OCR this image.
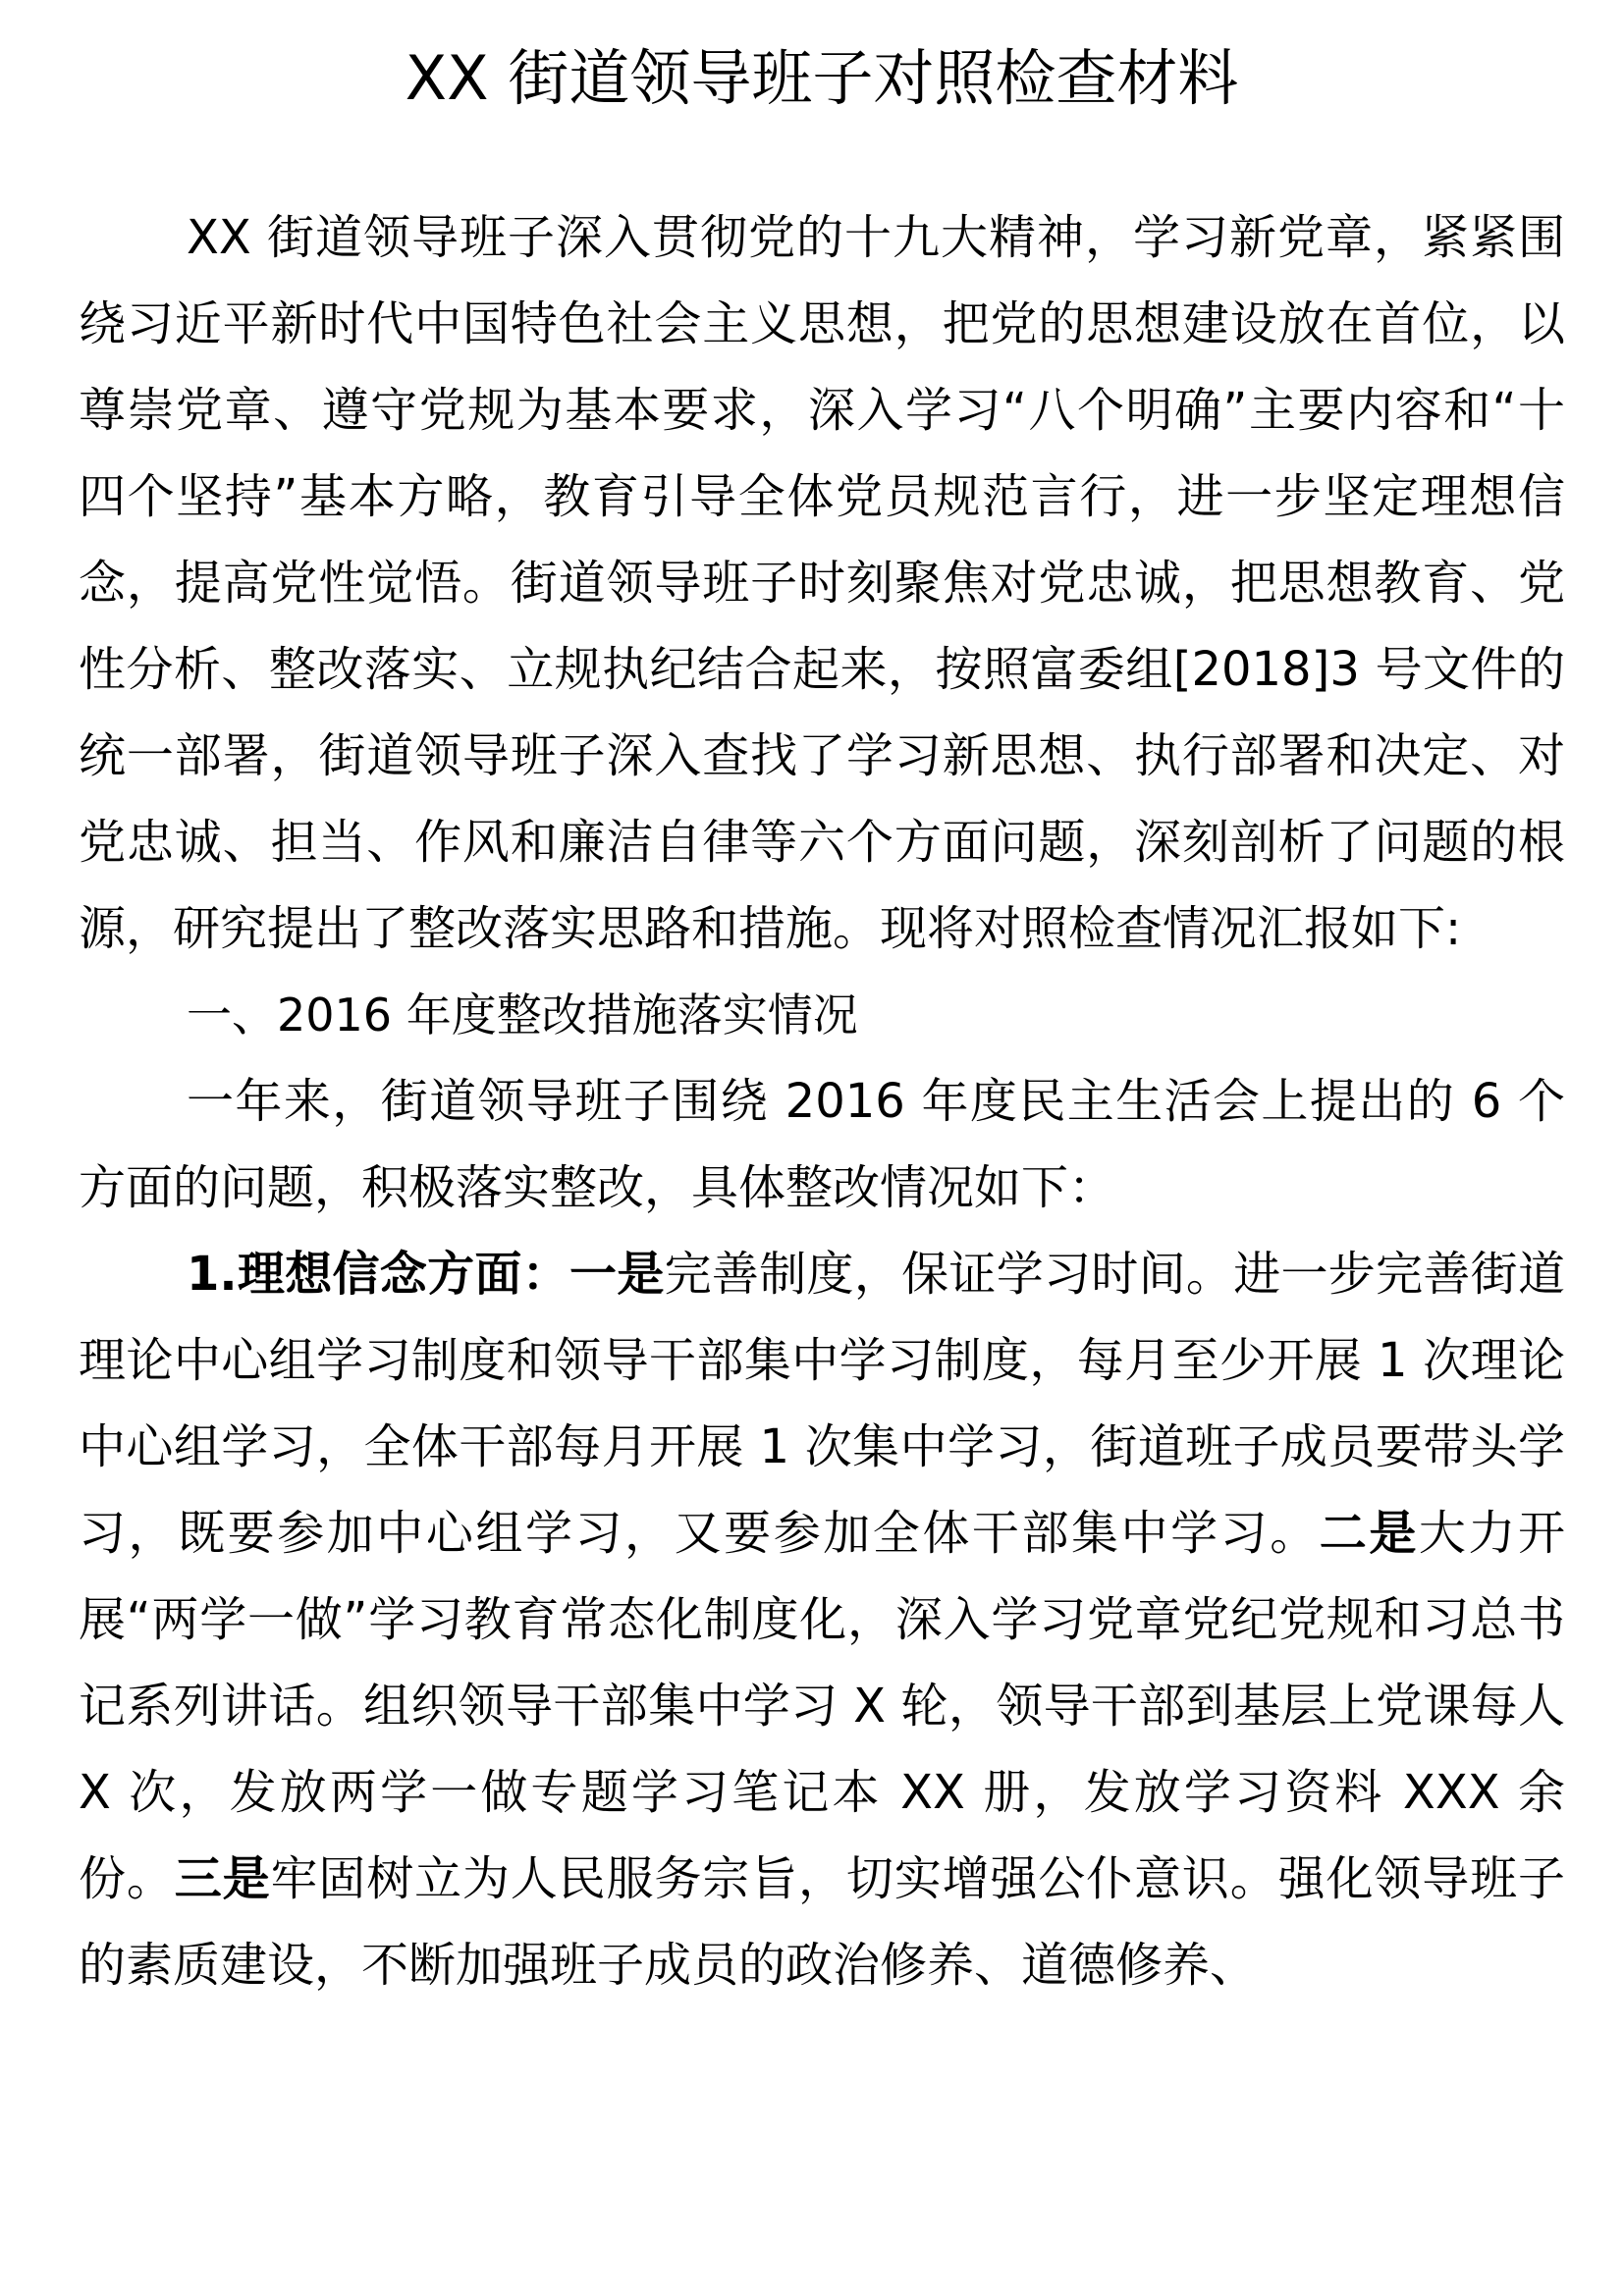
XX 街道领导班子对照检查材料

XX 街道领导班子深入贯彻党的十九大精神，学习新党章，紧紧围绕习近平新时代中国特色社会主义思想，把党的思想建设放在首位，以尊崇党章、遵守党规为基本要求，深入学习“八个明确”主要内容和“十四个坚持”基本方略，教育引导全体党员规范言行，进一步坚定理想信念，提高党性觉悟。街道领导班子时刻聚焦对党忠诚，把思想教育、党性分析、整改落实、立规执纪结合起来，按照富委组[2018]3 号文件的统一部署，街道领导班子深入查找了学习新思想、执行部署和决定、对党忠诚、担当、作风和廉洁自律等六个方面问题，深刻剖析了问题的根源，研究提出了整改落实思路和措施。现将对照检查情况汇报如下:

一、2016 年度整改措施落实情况

一年来，街道领导班子围绕 2016 年度民主生活会上提出的 6 个方面的问题，积极落实整改，具体整改情况如下：

1.理想信念方面：一是完善制度，保证学习时间。进一步完善街道理论中心组学习制度和领导干部集中学习制度，每月至少开展 1 次理论中心组学习，全体干部每月开展 1 次集中学习，街道班子成员要带头学习，既要参加中心组学习，又要参加全体干部集中学习。二是大力开展“两学一做”学习教育常态化制度化，深入学习党章党纪党规和习总书记系列讲话。组织领导干部集中学习 X 轮，领导干部到基层上党课每人 X 次，发放两学一做专题学习笔记本 XX 册，发放学习资料 XXX 余份。三是牢固树立为人民服务宗旨，切实增强公仆意识。强化领导班子的素质建设，不断加强班子成员的政治修养、道德修养、
